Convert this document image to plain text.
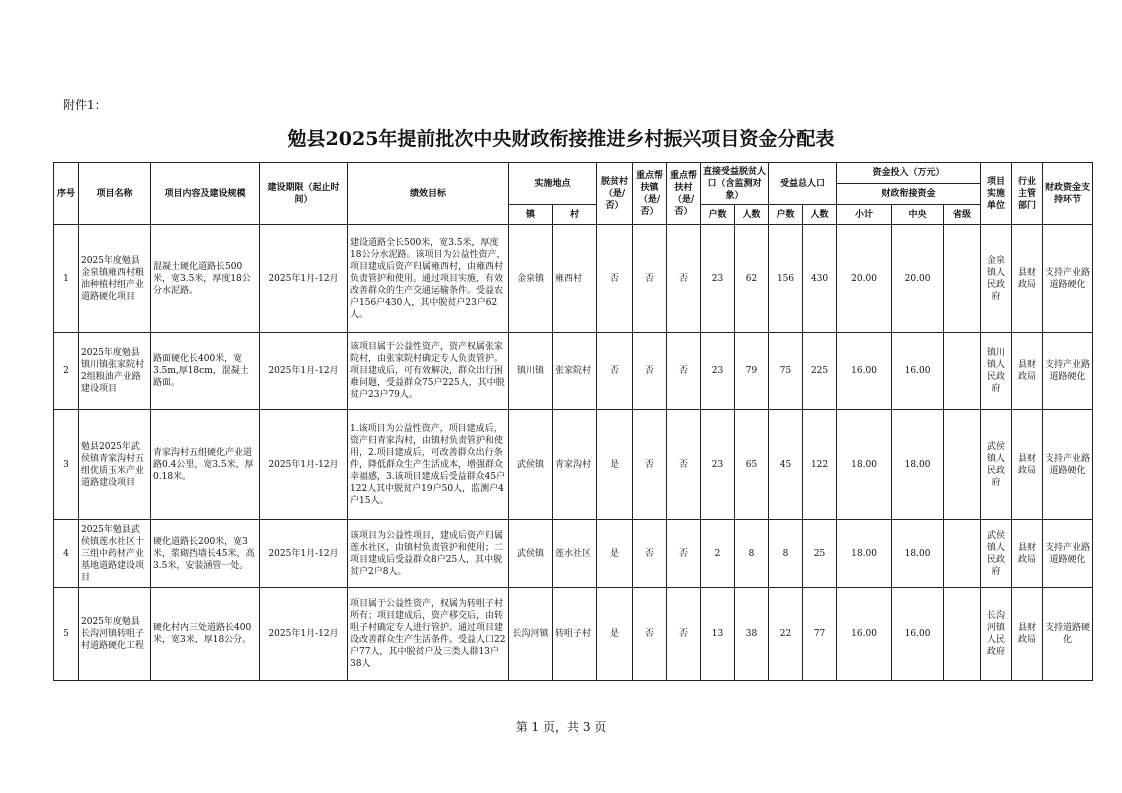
附件1：
勉县2025年提前批次中央财政衔接推进乡村振兴项目资金分配表
序号	项目名称	项目内容及建设规模	建设期限（起止时间）	绩效目标	实施地点		脱贫村（是/否）	重点帮扶镇（是/否）	重点帮扶村（是/否）	直接受益脱贫人口（含监测对象）		受益总人口		资金投入（万元）			项目实施单位	行业主管部门	财政资金支持环节
														财政衔接资金					
					镇	村				户数	人数	户数	人数	小计	中央	省级			
1	2025年度勉县金泉镇雍西村粮油种植村组产业道路硬化项目	混凝土硬化道路长500米，宽3.5米，厚度18公分水泥路。	2025年1月-12月	建设道路全长500米，宽3.5米，厚度18公分水泥路。该项目为公益性资产，项目建成后资产归属雍西村，由雍西村负责管护和使用。通过项目实施，有效改善群众的生产交通运输条件。受益农户156户430人，其中脱贫户23户62人。	金泉镇	雍西村	否	否	否	23	62	156	430	20.00	20.00		金泉镇人民政府	县财政局	支持产业路道路硬化
2	2025年度勉县镇川镇张家院村2组粮油产业路建设项目	路面硬化长400米，宽3.5m,厚18cm，混凝土路面。	2025年1月-12月	该项目属于公益性资产，资产权属张家院村，由张家院村确定专人负责管护。项目建成后，可有效解决，群众出行困难问题，受益群众75户225人，其中脱贫户23户79人。	镇川镇	张家院村	否	否	否	23	79	75	225	16.00	16.00		镇川镇人民政府	县财政局	支持产业路道路硬化
3	勉县2025年武侯镇青家沟村五组优质玉米产业道路建设项目	青家沟村五组硬化产业道路0.4公里，宽3.5米，厚0.18米。	2025年1月-12月	1.该项目为公益性资产，项目建成后，资产归青家沟村，由镇村负责管护和使用，2.项目建成后，可改善群众出行条件，降低群众生产生活成本，增强群众幸福感，3.该项目建成后受益群众45户122人其中脱贫户19户50人，监测户4户15人。	武侯镇	青家沟村	是	否	否	23	65	45	122	18.00	18.00		武侯镇人民政府	县财政局	支持产业路道路硬化
4	2025年勉县武侯镇莲水社区十三组中药材产业基地道路建设项目	硬化道路长200米，宽3米，浆砌挡墙长45米，高3.5米，安装涵管一处。	2025年1月-12月	该项目为公益性项目，建成后资产归属莲水社区，由镇村负责管护和使用；二项目建成后受益群众8户25人，其中脱贫户2户8人。	武侯镇	莲水社区	是	否	否	2	8	8	25	18.00	18.00		武侯镇人民政府	县财政局	支持产业路道路硬化
5	2025年度勉县长沟河镇转咀子村道路硬化工程	硬化村内三处道路长400米，宽3米，厚18公分。	2025年1月-12月	项目属于公益性资产，权属为转咀子村所有；项目建成后，资产移交后，由转咀子村确定专人进行管护。通过项目建设改善群众生产生活条件。受益人口22户77人，其中脱贫户及三类人群13户38人	长沟河镇	转咀子村	是	否	否	13	38	22	77	16.00	16.00		长沟河镇人民政府	县财政局	支持道路硬化
第 1 页，共 3 页
